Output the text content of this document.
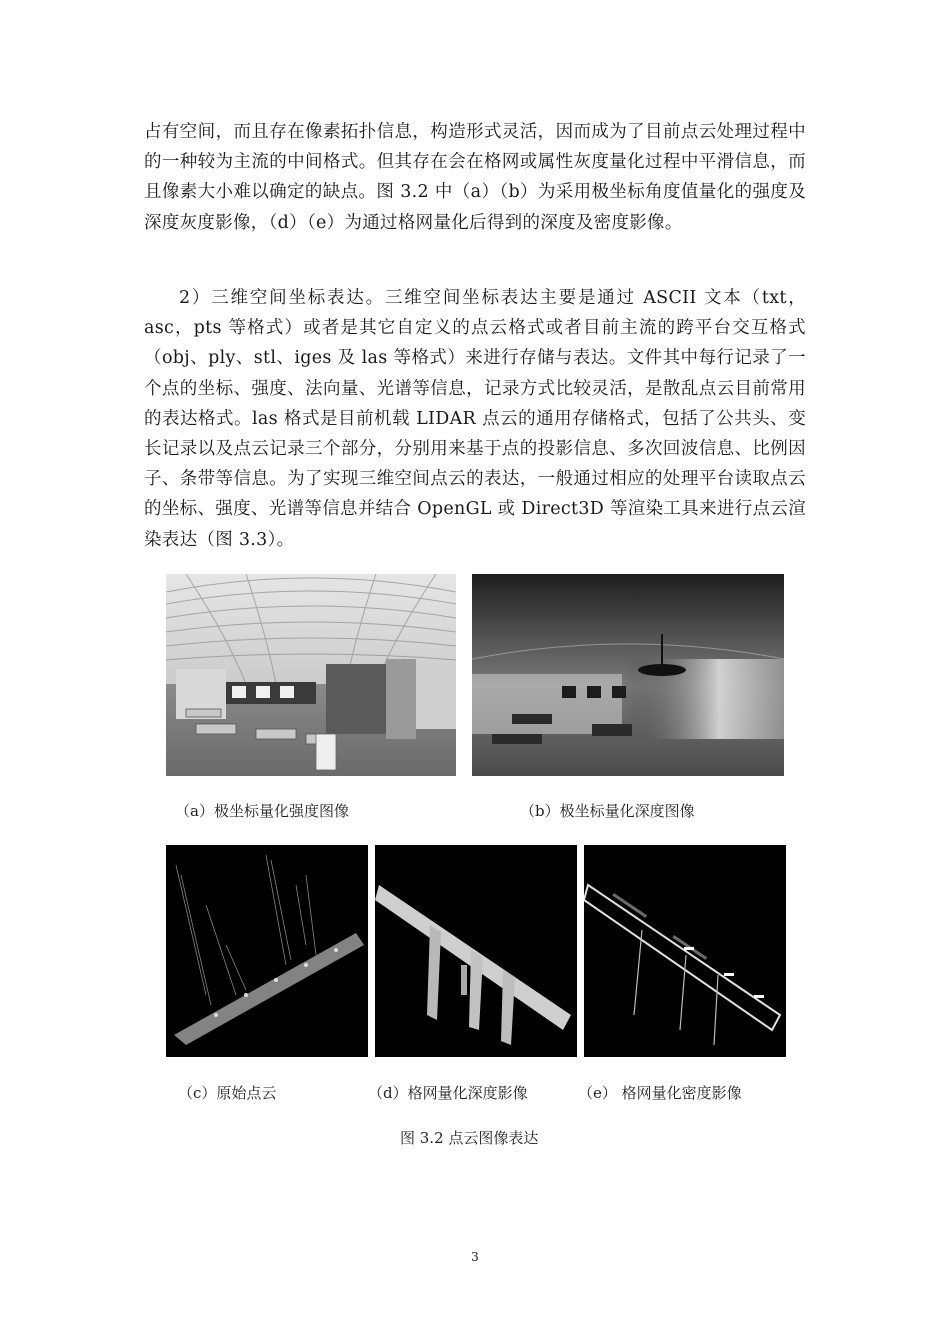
占有空间，而且存在像素拓扑信息，构造形式灵活，因而成为了目前点云处理过程中的一种较为主流的中间格式。但其存在会在格网或属性灰度量化过程中平滑信息，而且像素大小难以确定的缺点。图 3.2 中（a）（b）为采用极坐标角度值量化的强度及深度灰度影像，（d）（e）为通过格网量化后得到的深度及密度影像。

2）三维空间坐标表达。三维空间坐标表达主要是通过 ASCII 文本（txt，asc，pts 等格式）或者是其它自定义的点云格式或者目前主流的跨平台交互格式（obj、ply、stl、iges 及 las 等格式）来进行存储与表达。文件其中每行记录了一个点的坐标、强度、法向量、光谱等信息，记录方式比较灵活，是散乱点云目前常用的表达格式。las 格式是目前机载 LIDAR 点云的通用存储格式，包括了公共头、变长记录以及点云记录三个部分，分别用来基于点的投影信息、多次回波信息、比例因子、条带等信息。为了实现三维空间点云的表达，一般通过相应的处理平台读取点云的坐标、强度、光谱等信息并结合 OpenGL 或 Direct3D 等渲染工具来进行点云渲染表达（图 3.3）。

（a）极坐标量化强度图像	（b）极坐标量化深度图像
（c）原始点云	（d）格网量化深度影像	（e） 格网量化密度影像
图 3.2 点云图像表达
3
